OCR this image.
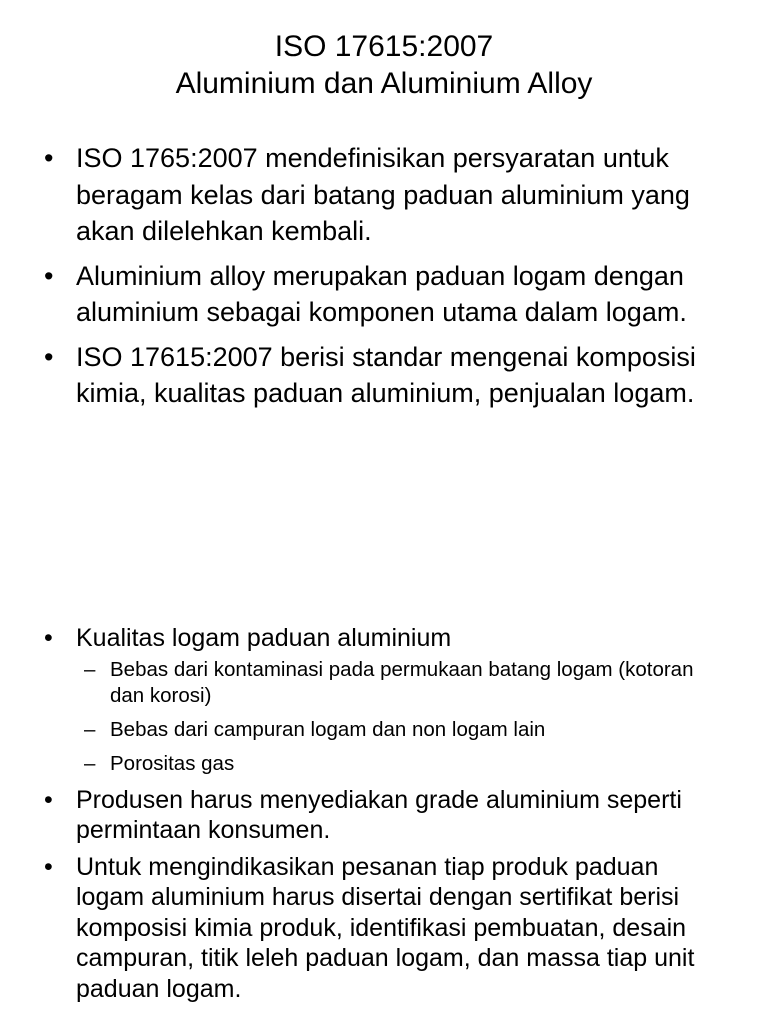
ISO 17615:2007
Aluminium dan Aluminium Alloy
• ISO 1765:2007 mendefinisikan persyaratan untuk beragam kelas dari batang paduan aluminium yang akan dilelehkan kembali.
• Aluminium alloy merupakan paduan logam dengan aluminium sebagai komponen utama dalam logam.
• ISO 17615:2007 berisi standar mengenai komposisi kimia, kualitas paduan aluminium, penjualan logam.
• Kualitas logam paduan aluminium
– Bebas dari kontaminasi pada permukaan batang logam (kotoran dan korosi)
– Bebas dari campuran logam dan non logam lain
– Porositas gas
• Produsen harus menyediakan grade aluminium seperti permintaan konsumen.
• Untuk mengindikasikan pesanan tiap produk paduan logam aluminium harus disertai dengan sertifikat berisi komposisi kimia produk, identifikasi pembuatan, desain campuran, titik leleh paduan logam, dan massa tiap unit paduan logam.
